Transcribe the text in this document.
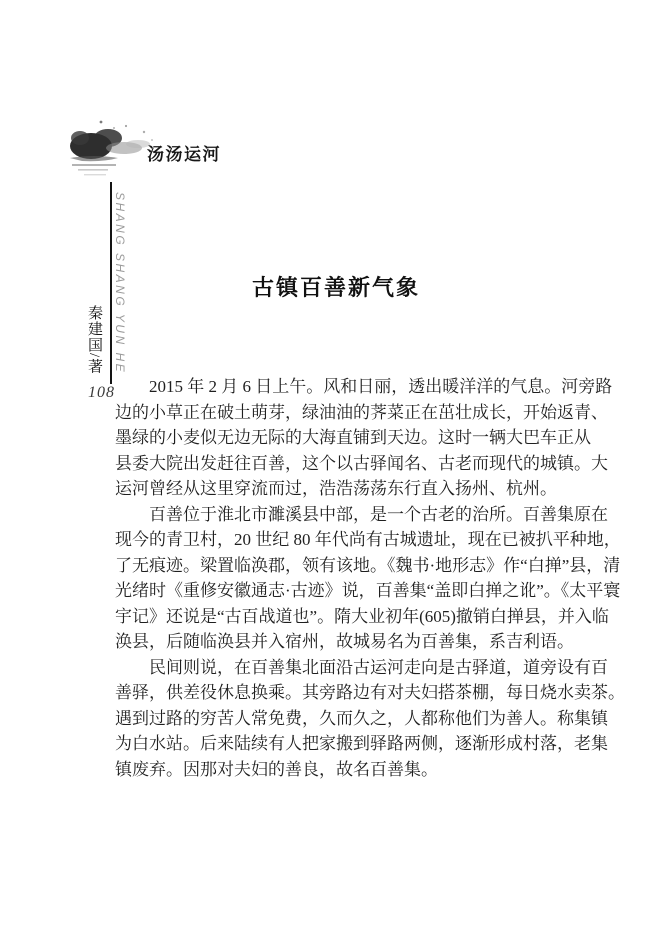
汤汤运河
SHANG SHANG YUN HE
秦建国/著
108
古镇百善新气象
2015 年 2 月 6 日上午。风和日丽，透出暖洋洋的气息。河旁路
边的小草正在破土萌芽，绿油油的荠菜正在茁壮成长，开始返青、
墨绿的小麦似无边无际的大海直铺到天边。这时一辆大巴车正从
县委大院出发赶往百善，这个以古驿闻名、古老而现代的城镇。大
运河曾经从这里穿流而过，浩浩荡荡东行直入扬州、杭州。
百善位于淮北市濉溪县中部，是一个古老的治所。百善集原在
现今的青卫村，20 世纪 80 年代尚有古城遗址，现在已被扒平种地，
了无痕迹。梁置临涣郡，领有该地。《魏书·地形志》作“白掸”县，清
光绪时《重修安徽通志·古迹》说，百善集“盖即白掸之讹”。《太平寰
宇记》还说是“古百战道也”。隋大业初年(605)撤销白掸县，并入临
涣县，后随临涣县并入宿州，故城易名为百善集，系吉利语。
民间则说，在百善集北面沿古运河走向是古驿道，道旁设有百
善驿，供差役休息换乘。其旁路边有对夫妇搭茶棚，每日烧水卖茶。
遇到过路的穷苦人常免费，久而久之，人都称他们为善人。称集镇
为白水站。后来陆续有人把家搬到驿路两侧，逐渐形成村落，老集
镇废弃。因那对夫妇的善良，故名百善集。
